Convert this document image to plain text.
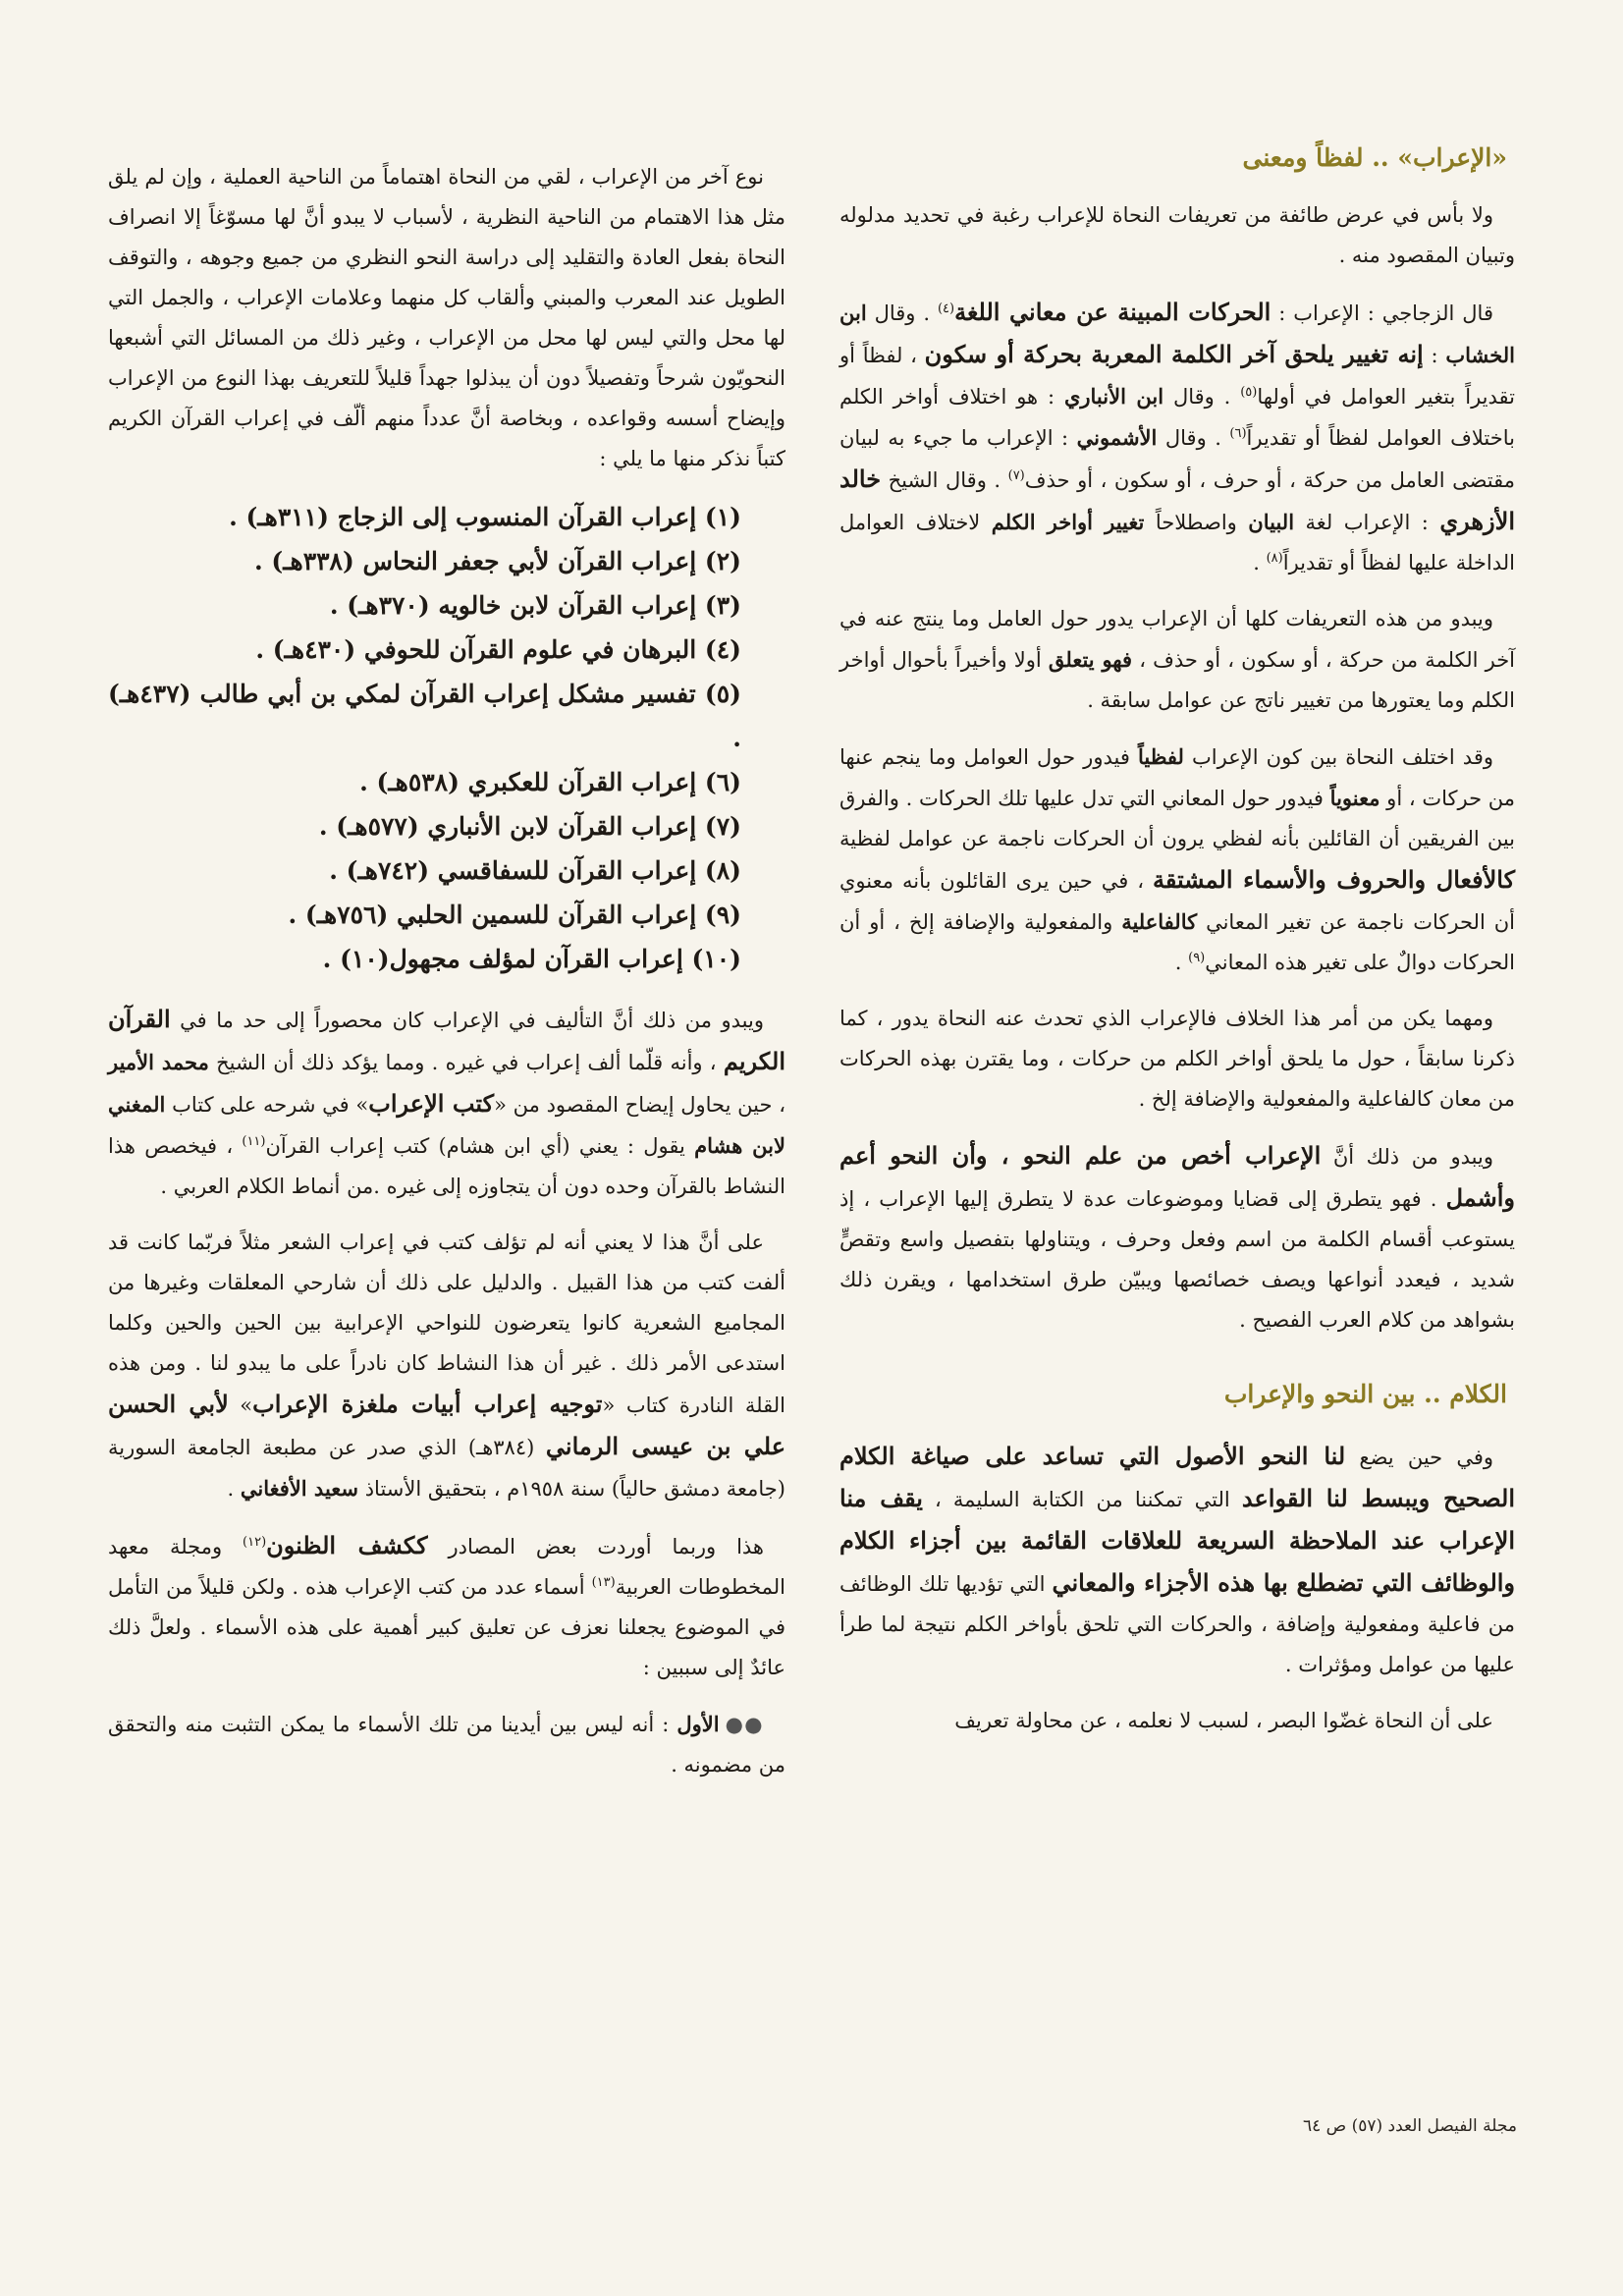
«الإعراب» .. لفظاً ومعنى

ولا بأس في عرض طائفة من تعريفات النحاة للإعراب رغبة في تحديد مدلوله وتبيان المقصود منه .

قال الزجاجي : الإعراب : الحركات المبينة عن معاني اللغة$^{(٤)}$ . وقال ابن الخشاب : إنه تغيير يلحق آخر الكلمة المعربة بحركة أو سكون ، لفظاً أو تقديراً بتغير العوامل في أولها$^{(٥)}$ . وقال ابن الأنباري : هو اختلاف أواخر الكلم باختلاف العوامل لفظاً أو تقديراً$^{(٦)}$ . وقال الأشموني : الإعراب ما جيء به لبيان مقتضى العامل من حركة ، أو حرف ، أو سكون ، أو حذف$^{(٧)}$ . وقال الشيخ خالد الأزهري : الإعراب لغة البيان واصطلاحاً تغيير أواخر الكلم لاختلاف العوامل الداخلة عليها لفظاً أو تقديراً$^{(٨)}$ .

ويبدو من هذه التعريفات كلها أن الإعراب يدور حول العامل وما ينتج عنه في آخر الكلمة من حركة ، أو سكون ، أو حذف ، فهو يتعلق أولا وأخيراً بأحوال أواخر الكلم وما يعتورها من تغيير ناتج عن عوامل سابقة .

وقد اختلف النحاة بين كون الإعراب لفظياً فيدور حول العوامل وما ينجم عنها من حركات ، أو معنوياً فيدور حول المعاني التي تدل عليها تلك الحركات . والفرق بين الفريقين أن القائلين بأنه لفظي يرون أن الحركات ناجمة عن عوامل لفظية كالأفعال والحروف والأسماء المشتقة ، في حين يرى القائلون بأنه معنوي أن الحركات ناجمة عن تغير المعاني كالفاعلية والمفعولية والإضافة إلخ ، أو أن الحركات دوالٌ على تغير هذه المعاني$^{(٩)}$ .

ومهما يكن من أمر هذا الخلاف فالإعراب الذي تحدث عنه النحاة يدور ، كما ذكرنا سابقاً ، حول ما يلحق أواخر الكلم من حركات ، وما يقترن بهذه الحركات من معان كالفاعلية والمفعولية والإضافة إلخ .

ويبدو من ذلك أنَّ الإعراب أخص من علم النحو ، وأن النحو أعم وأشمل . فهو يتطرق إلى قضايا وموضوعات عدة لا يتطرق إليها الإعراب ، إذ يستوعب أقسام الكلمة من اسم وفعل وحرف ، ويتناولها بتفصيل واسع وتقصٍّ شديد ، فيعدد أنواعها ويصف خصائصها ويبيّن طرق استخدامها ، ويقرن ذلك بشواهد من كلام العرب الفصيح .

الكلام .. بين النحو والإعراب

وفي حين يضع لنا النحو الأصول التي تساعد على صياغة الكلام الصحيح ويبسط لنا القواعد التي تمكننا من الكتابة السليمة ، يقف منا الإعراب عند الملاحظة السريعة للعلاقات القائمة بين أجزاء الكلام والوظائف التي تضطلع بها هذه الأجزاء والمعاني التي تؤديها تلك الوظائف من فاعلية ومفعولية وإضافة ، والحركات التي تلحق بأواخر الكلم نتيجة لما طرأ عليها من عوامل ومؤثرات .

على أن النحاة غضّوا البصر ، لسبب لا نعلمه ، عن محاولة تعريف

نوع آخر من الإعراب ، لقي من النحاة اهتماماً من الناحية العملية ، وإن لم يلق مثل هذا الاهتمام من الناحية النظرية ، لأسباب لا يبدو أنَّ لها مسوّغاً إلا انصراف النحاة بفعل العادة والتقليد إلى دراسة النحو النظري من جميع وجوهه ، والتوقف الطويل عند المعرب والمبني وألقاب كل منهما وعلامات الإعراب ، والجمل التي لها محل والتي ليس لها محل من الإعراب ، وغير ذلك من المسائل التي أشبعها النحويّون شرحاً وتفصيلاً دون أن يبذلوا جهداً قليلاً للتعريف بهذا النوع من الإعراب وإيضاح أسسه وقواعده ، وبخاصة أنَّ عدداً منهم ألّف في إعراب القرآن الكريم كتباً نذكر منها ما يلي :

(١) إعراب القرآن المنسوب إلى الزجاج (٣١١هـ) .
(٢) إعراب القرآن لأبي جعفر النحاس (٣٣٨هـ) .
(٣) إعراب القرآن لابن خالويه (٣٧٠هـ) .
(٤) البرهان في علوم القرآن للحوفي (٤٣٠هـ) .
(٥) تفسير مشكل إعراب القرآن لمكي بن أبي طالب (٤٣٧هـ) .
(٦) إعراب القرآن للعكبري (٥٣٨هـ) .
(٧) إعراب القرآن لابن الأنباري (٥٧٧هـ) .
(٨) إعراب القرآن للسفاقسي (٧٤٢هـ) .
(٩) إعراب القرآن للسمين الحلبي (٧٥٦هـ) .
(١٠) إعراب القرآن لمؤلف مجهول(١٠) .

ويبدو من ذلك أنَّ التأليف في الإعراب كان محصوراً إلى حد ما في القرآن الكريم ، وأنه قلّما ألف إعراب في غيره . ومما يؤكد ذلك أن الشيخ محمد الأمير ، حين يحاول إيضاح المقصود من «كتب الإعراب» في شرحه على كتاب المغني لابن هشام يقول : يعني (أي ابن هشام) كتب إعراب القرآن$^{(١١)}$ ، فيخصص هذا النشاط بالقرآن وحده دون أن يتجاوزه إلى غيره .من أنماط الكلام العربي .

على أنَّ هذا لا يعني أنه لم تؤلف كتب في إعراب الشعر مثلاً فربّما كانت قد ألفت كتب من هذا القبيل . والدليل على ذلك أن شارحي المعلقات وغيرها من المجاميع الشعرية كانوا يتعرضون للنواحي الإعرابية بين الحين والحين وكلما استدعى الأمر ذلك . غير أن هذا النشاط كان نادراً على ما يبدو لنا . ومن هذه القلة النادرة كتاب «توجيه إعراب أبيات ملغزة الإعراب» لأبي الحسن علي بن عيسى الرماني (٣٨٤هـ) الذي صدر عن مطبعة الجامعة السورية (جامعة دمشق حالياً) سنة ١٩٥٨م ، بتحقيق الأستاذ سعيد الأفغاني .

هذا وربما أوردت بعض المصادر ككشف الظنون$^{(١٢)}$ ومجلة معهد المخطوطات العربية$^{(١٣)}$ أسماء عدد من كتب الإعراب هذه . ولكن قليلاً من التأمل في الموضوع يجعلنا نعزف عن تعليق كبير أهمية على هذه الأسماء . ولعلَّ ذلك عائدٌ إلى سببين :

●●الأول : أنه ليس بين أيدينا من تلك الأسماء ما يمكن التثبت منه والتحقق من مضمونه .

مجلة الفيصل العدد (٥٧) ص ٦٤
